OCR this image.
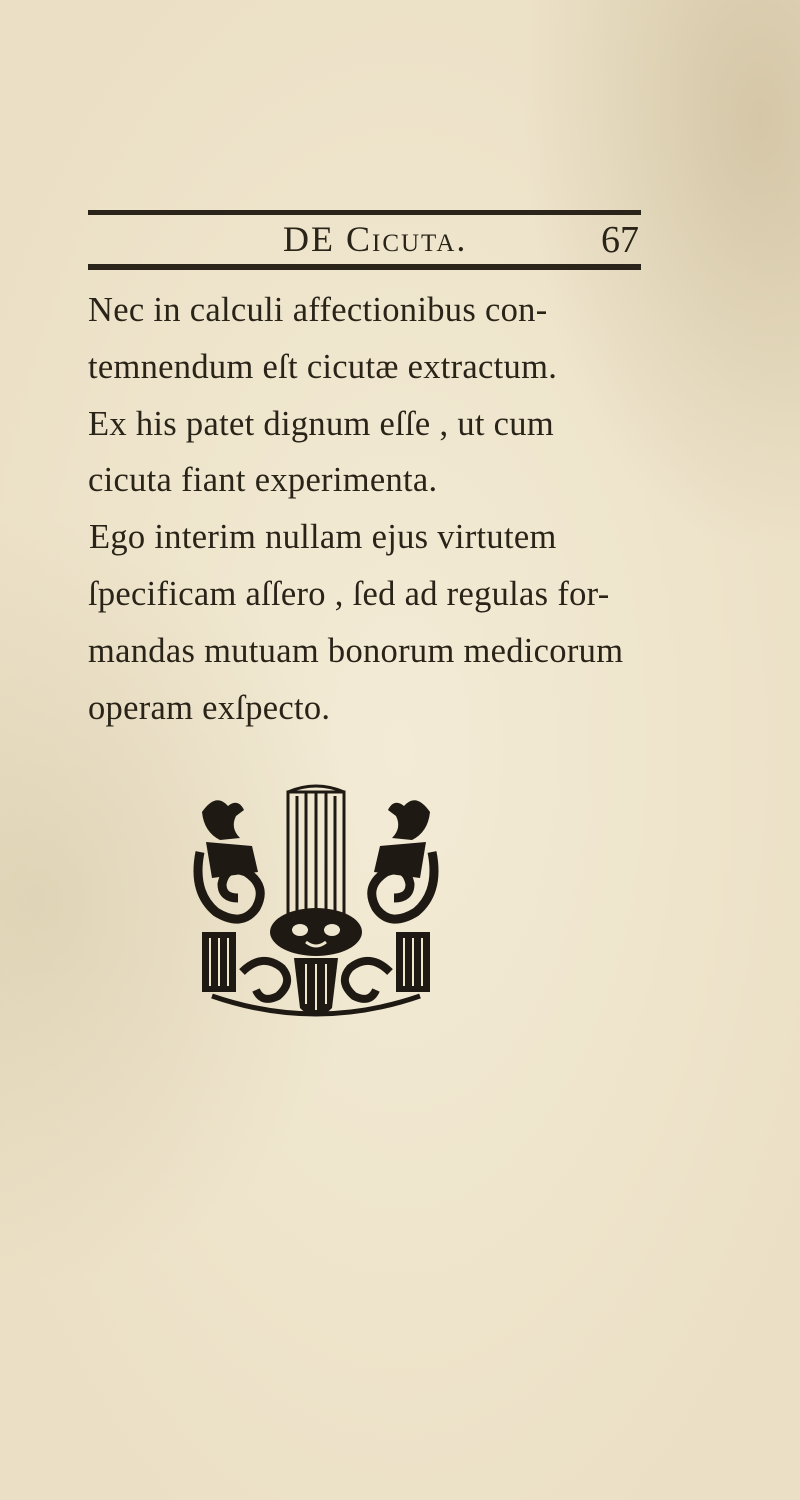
DE Cicuta.	67
Nec in calculi affectionibus con-
temnendum eſt cicutæ extractum.
Ex his patet dignum eſſe , ut cum
cicuta fiant experimenta.
Ego interim nullam ejus virtutem
ſpecificam aſſero , ſed ad regulas for-
mandas mutuam bonorum medicorum
operam exſpecto.
